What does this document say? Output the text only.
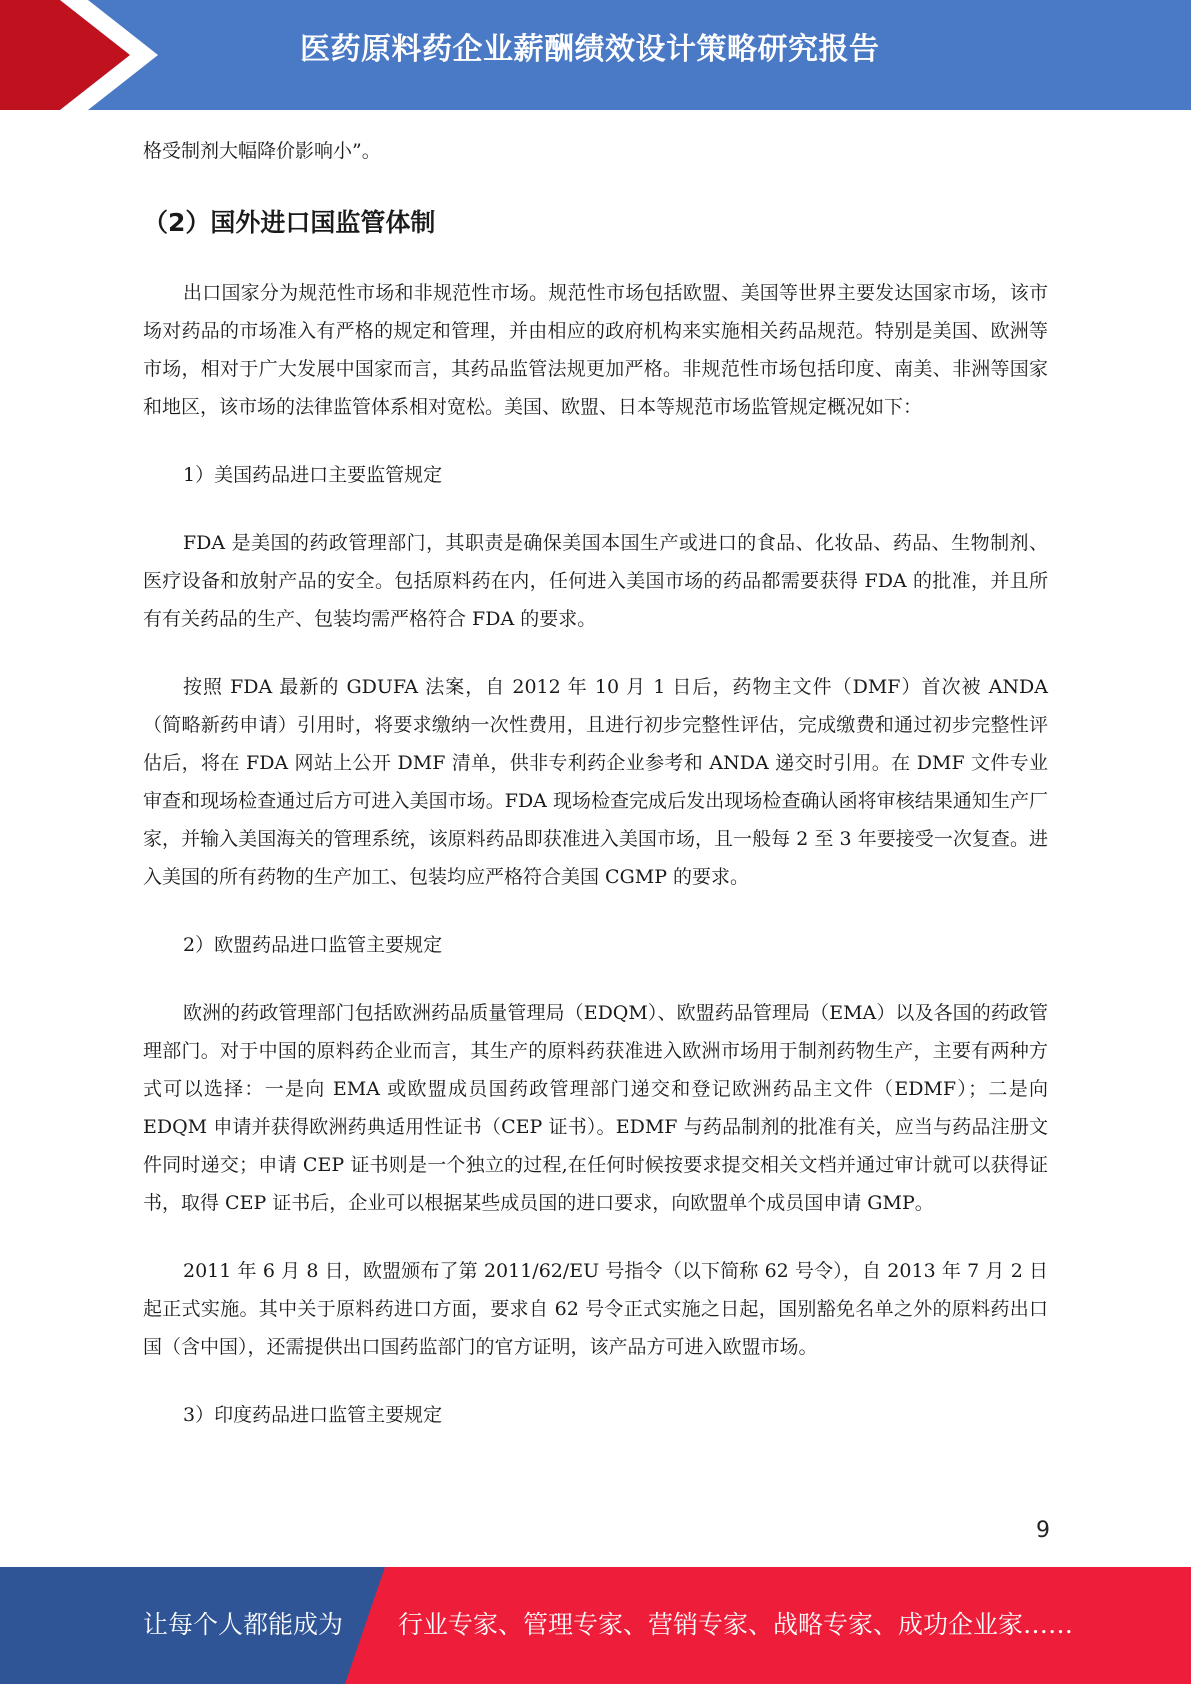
医药原料药企业薪酬绩效设计策略研究报告

格受制剂大幅降价影响小”。

（2）国外进口国监管体制

出口国家分为规范性市场和非规范性市场。规范性市场包括欧盟、美国等世界主要发达国家市场，该市场对药品的市场准入有严格的规定和管理，并由相应的政府机构来实施相关药品规范。特别是美国、欧洲等市场，相对于广大发展中国家而言，其药品监管法规更加严格。非规范性市场包括印度、南美、非洲等国家和地区，该市场的法律监管体系相对宽松。美国、欧盟、日本等规范市场监管规定概况如下：

1）美国药品进口主要监管规定

FDA 是美国的药政管理部门，其职责是确保美国本国生产或进口的食品、化妆品、药品、生物制剂、医疗设备和放射产品的安全。包括原料药在内，任何进入美国市场的药品都需要获得 FDA 的批准，并且所有有关药品的生产、包装均需严格符合 FDA 的要求。

按照 FDA 最新的 GDUFA 法案，自 2012 年 10 月 1 日后，药物主文件（DMF）首次被 ANDA（简略新药申请）引用时，将要求缴纳一次性费用，且进行初步完整性评估，完成缴费和通过初步完整性评估后，将在 FDA 网站上公开 DMF 清单，供非专利药企业参考和 ANDA 递交时引用。在 DMF 文件专业审查和现场检查通过后方可进入美国市场。FDA 现场检查完成后发出现场检查确认函将审核结果通知生产厂家，并输入美国海关的管理系统，该原料药品即获准进入美国市场，且一般每 2 至 3 年要接受一次复查。进入美国的所有药物的生产加工、包装均应严格符合美国 CGMP 的要求。

2）欧盟药品进口监管主要规定

欧洲的药政管理部门包括欧洲药品质量管理局（EDQM）、欧盟药品管理局（EMA）以及各国的药政管理部门。对于中国的原料药企业而言，其生产的原料药获准进入欧洲市场用于制剂药物生产，主要有两种方式可以选择：一是向 EMA 或欧盟成员国药政管理部门递交和登记欧洲药品主文件（EDMF）；二是向 EDQM 申请并获得欧洲药典适用性证书（CEP 证书）。EDMF 与药品制剂的批准有关，应当与药品注册文件同时递交；申请 CEP 证书则是一个独立的过程,在任何时候按要求提交相关文档并通过审计就可以获得证书，取得 CEP 证书后，企业可以根据某些成员国的进口要求，向欧盟单个成员国申请 GMP。

2011 年 6 月 8 日，欧盟颁布了第 2011/62/EU 号指令（以下简称 62 号令），自 2013 年 7 月 2 日起正式实施。其中关于原料药进口方面，要求自 62 号令正式实施之日起，国别豁免名单之外的原料药出口国（含中国），还需提供出口国药监部门的官方证明，该产品方可进入欧盟市场。

3）印度药品进口监管主要规定

9
让每个人都能成为 行业专家、管理专家、营销专家、战略专家、成功企业家……
